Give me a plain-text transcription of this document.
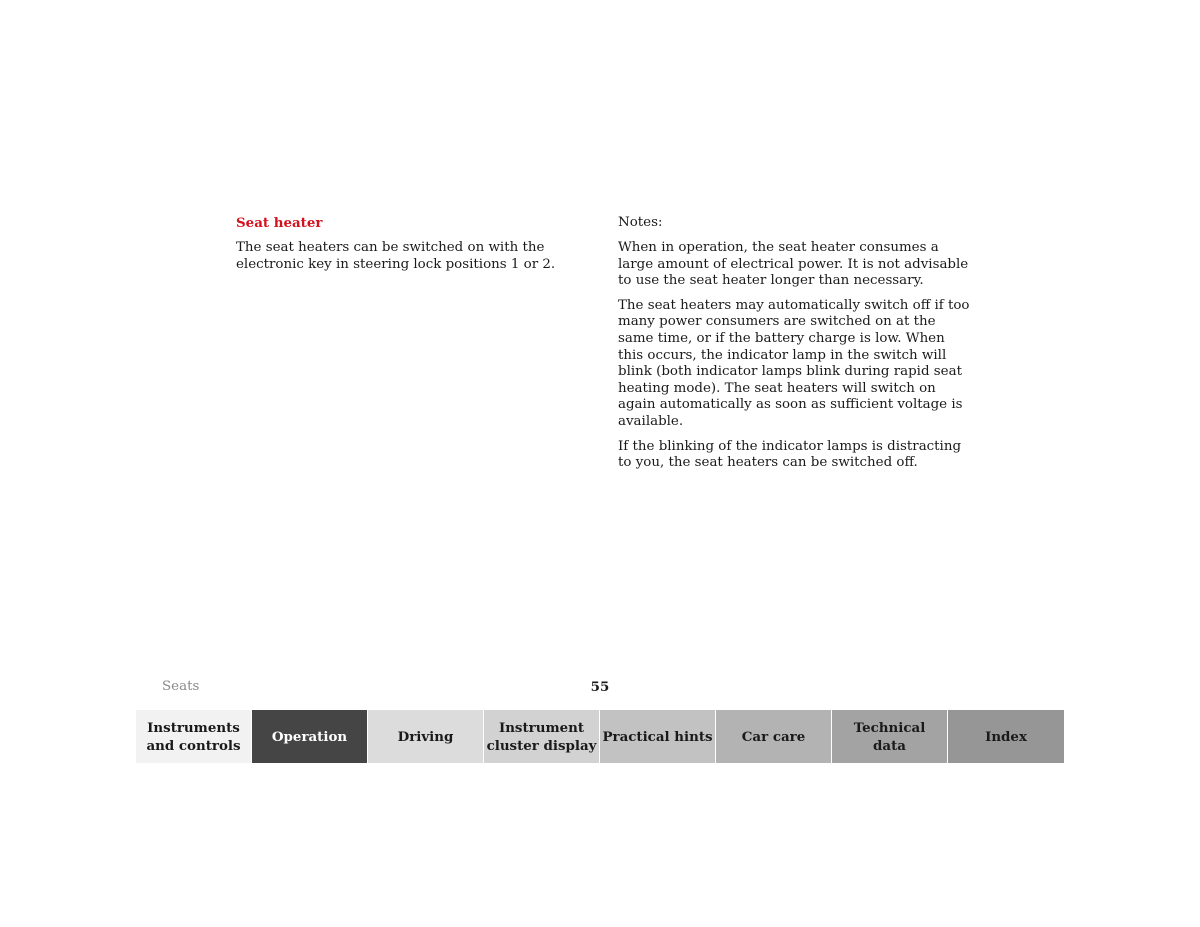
Seat heater

The seat heaters can be switched on with the electronic key in steering lock positions 1 or 2.

Notes:

When in operation, the seat heater consumes a large amount of electrical power. It is not advisable to use the seat heater longer than necessary.

The seat heaters may automatically switch off if too many power consumers are switched on at the same time, or if the battery charge is low. When this occurs, the indicator lamp in the switch will blink (both indicator lamps blink during rapid seat heating mode). The seat heaters will switch on again automatically as soon as sufficient voltage is available.

If the blinking of the indicator lamps is distracting to you, the seat heaters can be switched off.

Seats	55
Instruments
and controls
Operation	Driving
Instrument
cluster display
Practical hints	Car care
Technical
data
Index
